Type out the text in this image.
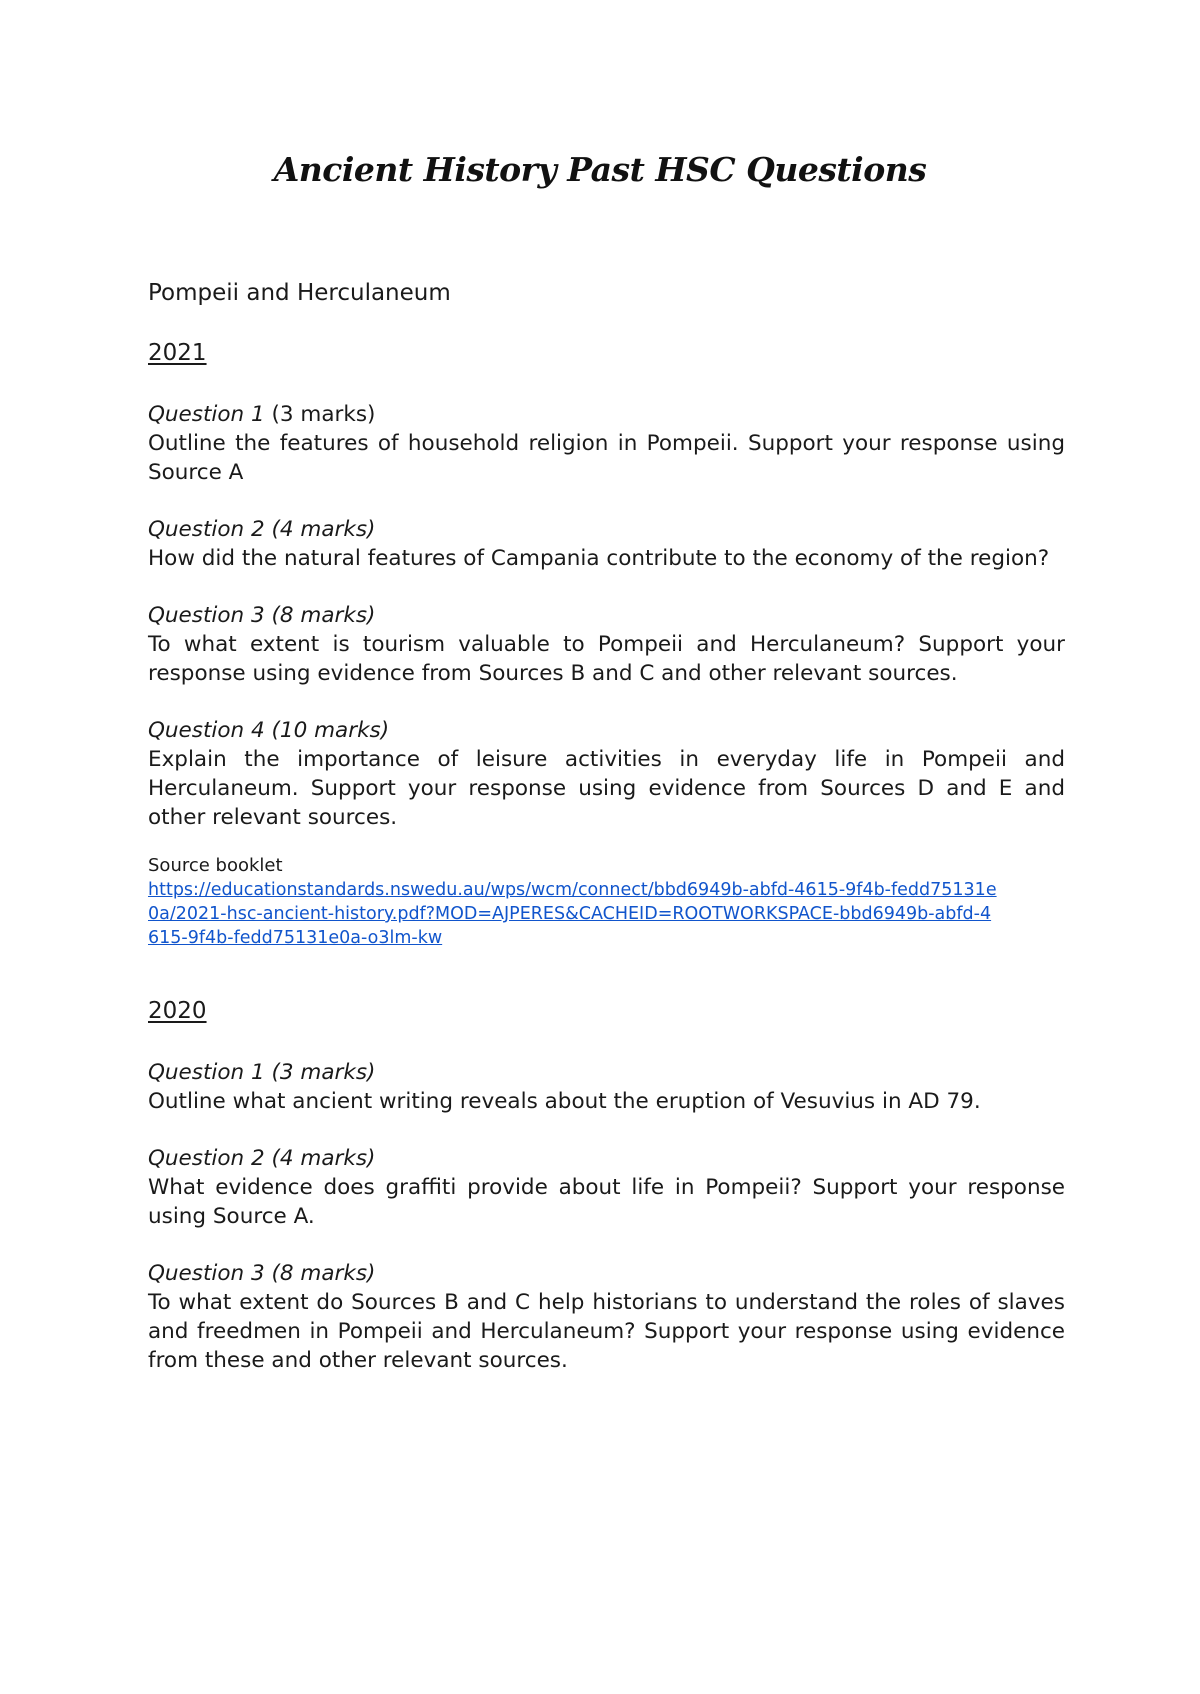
Ancient History Past HSC Questions

Pompeii and Herculaneum

2021

Question 1 (3 marks)

Outline the features of household religion in Pompeii. Support your response using Source A

Question 2 (4 marks)

How did the natural features of Campania contribute to the economy of the region?

Question 3 (8 marks)

To what extent is tourism valuable to Pompeii and Herculaneum? Support your response using evidence from Sources B and C and other relevant sources.

Question 4 (10 marks)

Explain the importance of leisure activities in everyday life in Pompeii and Herculaneum. Support your response using evidence from Sources D and E and other relevant sources.

Source booklet

https://educationstandards.nswedu.au/wps/wcm/connect/bbd6949b-abfd-4615-9f4b-fedd75131e
0a/2021-hsc-ancient-history.pdf?MOD=AJPERES&CACHEID=ROOTWORKSPACE-bbd6949b-abfd-4
615-9f4b-fedd75131e0a-o3lm-kw

2020

Question 1 (3 marks)

Outline what ancient writing reveals about the eruption of Vesuvius in AD 79.

Question 2 (4 marks)

What evidence does graffiti provide about life in Pompeii? Support your response using Source A.

Question 3 (8 marks)

To what extent do Sources B and C help historians to understand the roles of slaves and freedmen in Pompeii and Herculaneum? Support your response using evidence from these and other relevant sources.
